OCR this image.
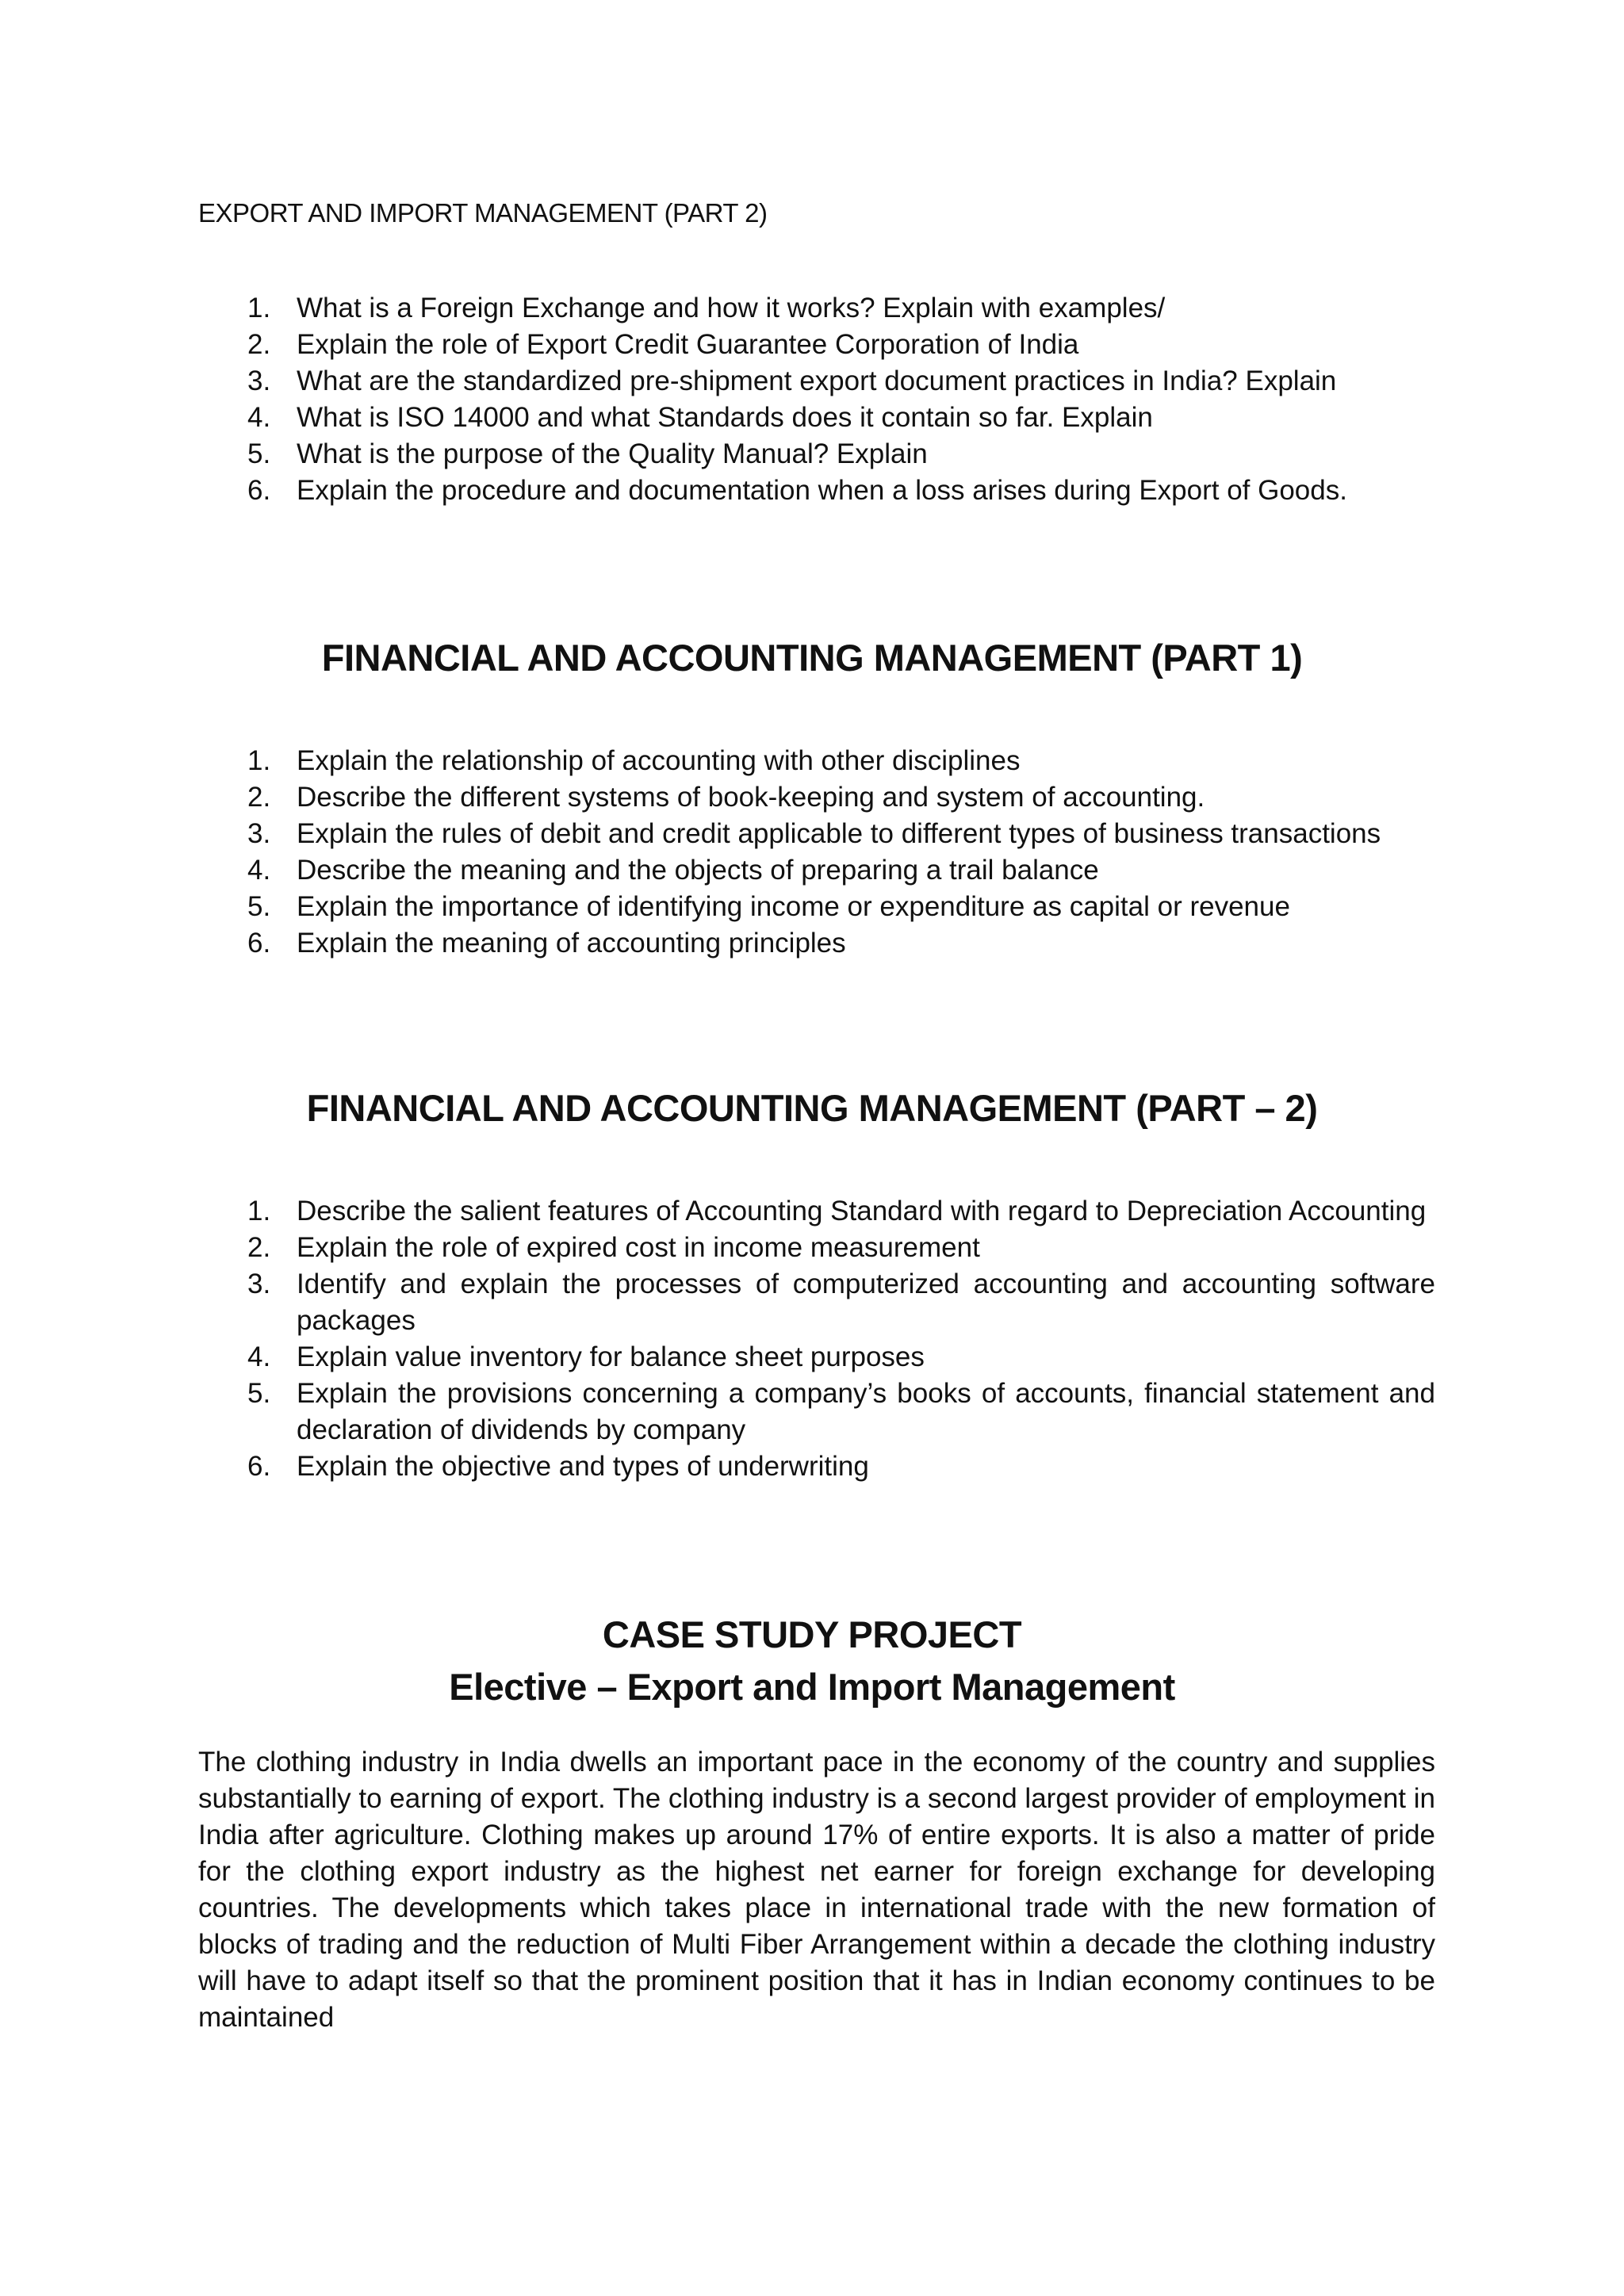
EXPORT AND IMPORT MANAGEMENT (PART 2)
1. What is a Foreign Exchange and how it works? Explain with examples/
2. Explain the role of Export Credit Guarantee Corporation of India
3. What are the standardized pre-shipment export document practices in India? Explain
4. What is ISO 14000 and what Standards does it contain so far. Explain
5. What is the purpose of the Quality Manual? Explain
6. Explain the procedure and documentation when a loss arises during Export of Goods.
FINANCIAL AND ACCOUNTING MANAGEMENT (PART 1)
1. Explain the relationship of accounting with other disciplines
2. Describe the different systems of book-keeping and system of accounting.
3. Explain the rules of debit and credit applicable to different types of business transactions
4. Describe the meaning and the objects of preparing a trail balance
5. Explain the importance of identifying income or expenditure as capital or revenue
6. Explain the meaning of accounting principles
FINANCIAL AND ACCOUNTING MANAGEMENT (PART – 2)
1. Describe the salient features of Accounting Standard with regard to Depreciation Accounting
2. Explain the role of expired cost in income measurement
3. Identify and explain the processes of computerized accounting and accounting software packages
4. Explain value inventory for balance sheet purposes
5. Explain the provisions concerning a company’s books of accounts, financial statement and declaration of dividends by company
6. Explain the objective and types of underwriting
CASE STUDY PROJECT
Elective – Export and Import Management

The clothing industry in India dwells an important pace in the economy of the country and supplies substantially to earning of export. The clothing industry is a second largest provider of employment in India after agriculture. Clothing makes up around 17% of entire exports. It is also a matter of pride for the clothing export industry as the highest net earner for foreign exchange for developing countries. The developments which takes place in international trade with the new formation of blocks of trading and the reduction of Multi Fiber Arrangement within a decade the clothing industry will have to adapt itself so that the prominent position that it has in Indian economy continues to be maintained
